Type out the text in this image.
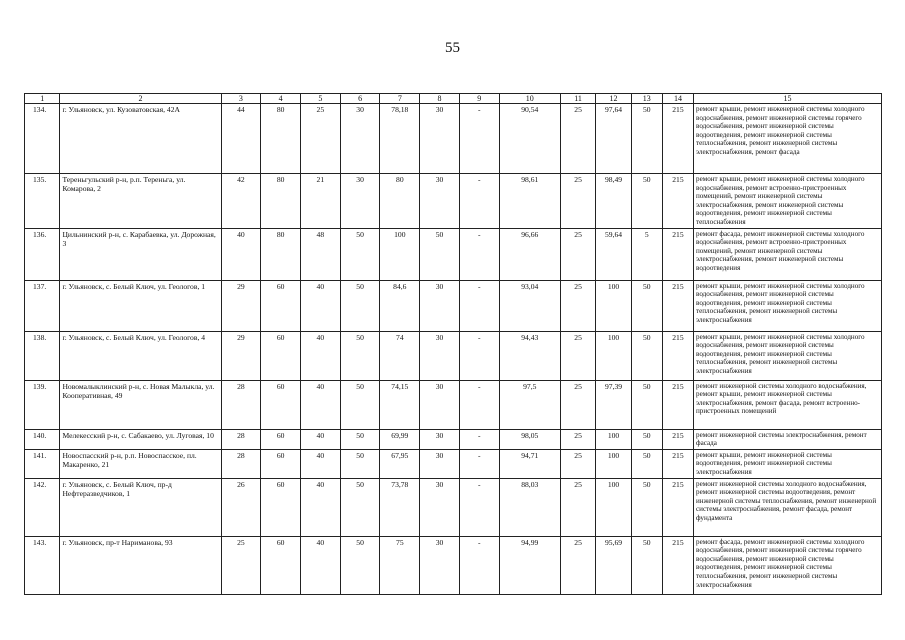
55
1	2	3	4	5	6	7	8	9	10	11	12	13	14	15
134.	г. Ульяновск, ул. Кузоватовская, 42А	44	80	25	30	78,18	30	-	90,54	25	97,64	50	215	ремонт крыши, ремонт инженерной системы холодного водоснабжения, ремонт инженерной системы горячего водоснабжения, ремонт инженерной системы водоотведения, ремонт инженерной системы теплоснабжения, ремонт инженерной системы электроснабжения, ремонт фасада
135.	Тереньгульский р-н, р.п. Тереньга, ул. Комарова, 2	42	80	21	30	80	30	-	98,61	25	98,49	50	215	ремонт крыши, ремонт инженерной системы холодного водоснабжения, ремонт встроенно-пристроенных помещений, ремонт инженерной системы электроснабжения, ремонт инженерной системы водоотведения, ремонт инженерной системы теплоснабжения
136.	Цильнинский р-н, с. Карабаевка, ул. Дорожная, 3	40	80	48	50	100	50	-	96,66	25	59,64	5	215	ремонт фасада, ремонт инженерной системы холодного водоснабжения, ремонт встроенно-пристроенных помещений, ремонт инженерной системы электроснабжения, ремонт инженерной системы водоотведения
137.	г. Ульяновск, с. Белый Ключ, ул. Геологов, 1	29	60	40	50	84,6	30	-	93,04	25	100	50	215	ремонт крыши, ремонт инженерной системы холодного водоснабжения, ремонт инженерной системы водоотведения, ремонт инженерной системы теплоснабжения, ремонт инженерной системы электроснабжения
138.	г. Ульяновск, с. Белый Ключ, ул. Геологов, 4	29	60	40	50	74	30	-	94,43	25	100	50	215	ремонт крыши, ремонт инженерной системы холодного водоснабжения, ремонт инженерной системы водоотведения, ремонт инженерной системы теплоснабжения, ремонт инженерной системы электроснабжения
139.	Новомалыклинский р-н, с. Новая Малыкла, ул. Кооперативная, 49	28	60	40	50	74,15	30	-	97,5	25	97,39	50	215	ремонт инженерной системы холодного водоснабжения, ремонт крыши, ремонт инженерной системы электроснабжения, ремонт фасада, ремонт встроенно-пристроенных помещений
140.	Мелекесский р-н, с. Сабакаево, ул. Луговая, 10	28	60	40	50	69,99	30	-	98,05	25	100	50	215	ремонт инженерной системы электроснабжения, ремонт фасада
141.	Новоспасский р-н, р.п. Новоспасское, пл. Макаренко, 21	28	60	40	50	67,95	30	-	94,71	25	100	50	215	ремонт крыши, ремонт инженерной системы водоотведения, ремонт инженерной системы электроснабжения
142.	г. Ульяновск, с. Белый Ключ, пр-д Нефтеразведчиков, 1	26	60	40	50	73,78	30	-	88,03	25	100	50	215	ремонт инженерной системы холодного водоснабжения, ремонт инженерной системы водоотведения, ремонт инженерной системы теплоснабжения, ремонт инженерной системы электроснабжения, ремонт фасада, ремонт фундамента
143.	г. Ульяновск, пр-т Нариманова, 93	25	60	40	50	75	30	-	94,99	25	95,69	50	215	ремонт фасада, ремонт инженерной системы холодного водоснабжения, ремонт инженерной системы горячего водоснабжения, ремонт инженерной системы водоотведения, ремонт инженерной системы теплоснабжения, ремонт инженерной системы электроснабжения
